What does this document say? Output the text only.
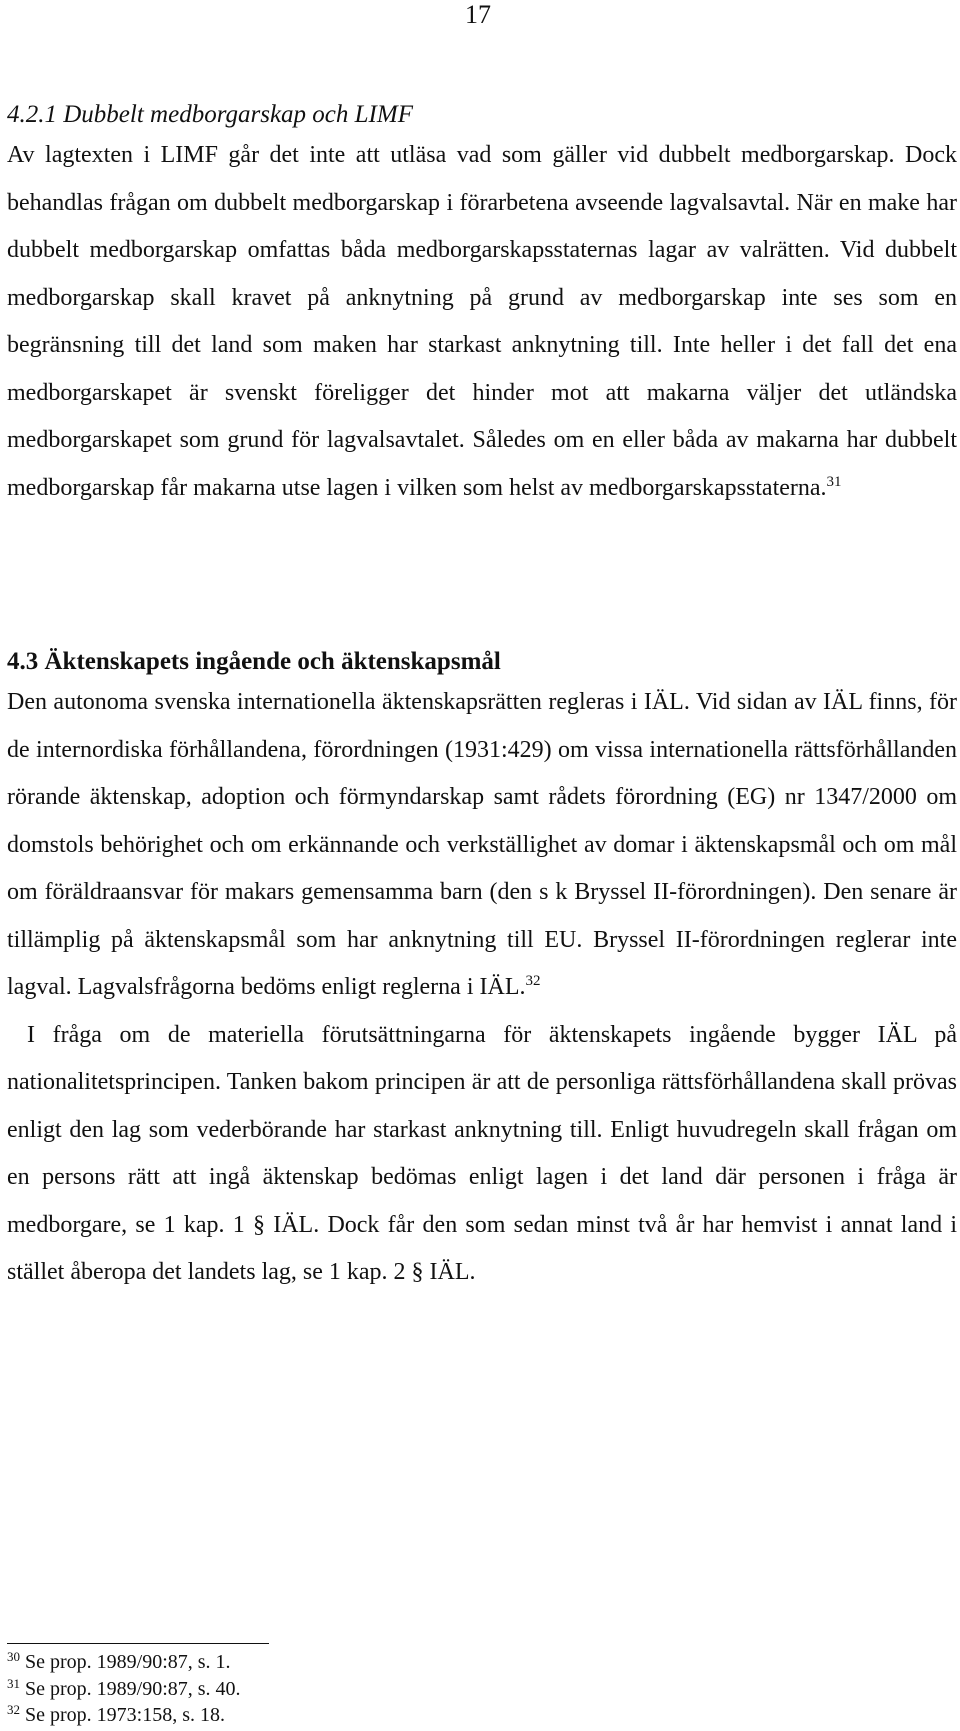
17
4.2.1 Dubbelt medborgarskap och LIMF

Av lagtexten i LIMF går det inte att utläsa vad som gäller vid dubbelt medborgarskap. Dock behandlas frågan om dubbelt medborgarskap i förarbetena avseende lagvalsavtal. När en make har dubbelt medborgarskap omfattas båda medborgarskapsstaternas lagar av valrätten. Vid dubbelt medborgarskap skall kravet på anknytning på grund av medborgarskap inte ses som en begränsning till det land som maken har starkast anknytning till. Inte heller i det fall det ena medborgarskapet är svenskt föreligger det hinder mot att makarna väljer det utländska medborgarskapet som grund för lagvalsavtalet. Således om en eller båda av makarna har dubbelt medborgarskap får makarna utse lagen i vilken som helst av medborgarskapsstaterna.$^{31}$

4.3 Äktenskapets ingående och äktenskapsmål

Den autonoma svenska internationella äktenskapsrätten regleras i IÄL. Vid sidan av IÄL finns, för de internordiska förhållandena, förordningen (1931:429) om vissa internationella rättsförhållanden rörande äktenskap, adoption och förmyndarskap samt rådets förordning (EG) nr 1347/2000 om domstols behörighet och om erkännande och verkställighet av domar i äktenskapsmål och om mål om föräldraansvar för makars gemensamma barn (den s k Bryssel II-förordningen). Den senare är tillämplig på äktenskapsmål som har anknytning till EU. Bryssel II-förordningen reglerar inte lagval. Lagvalsfrågorna bedöms enligt reglerna i IÄL.$^{32}$

I fråga om de materiella förutsättningarna för äktenskapets ingående bygger IÄL på nationalitetsprincipen. Tanken bakom principen är att de personliga rättsförhållandena skall prövas enligt den lag som vederbörande har starkast anknytning till. Enligt huvudregeln skall frågan om en persons rätt att ingå äktenskap bedömas enligt lagen i det land där personen i fråga är medborgare, se 1 kap. 1 § IÄL. Dock får den som sedan minst två år har hemvist i annat land i stället åberopa det landets lag, se 1 kap. 2 § IÄL.

$^{30}$ Se prop. 1989/90:87, s. 1.
$^{31}$ Se prop. 1989/90:87, s. 40.
$^{32}$ Se prop. 1973:158, s. 18.
